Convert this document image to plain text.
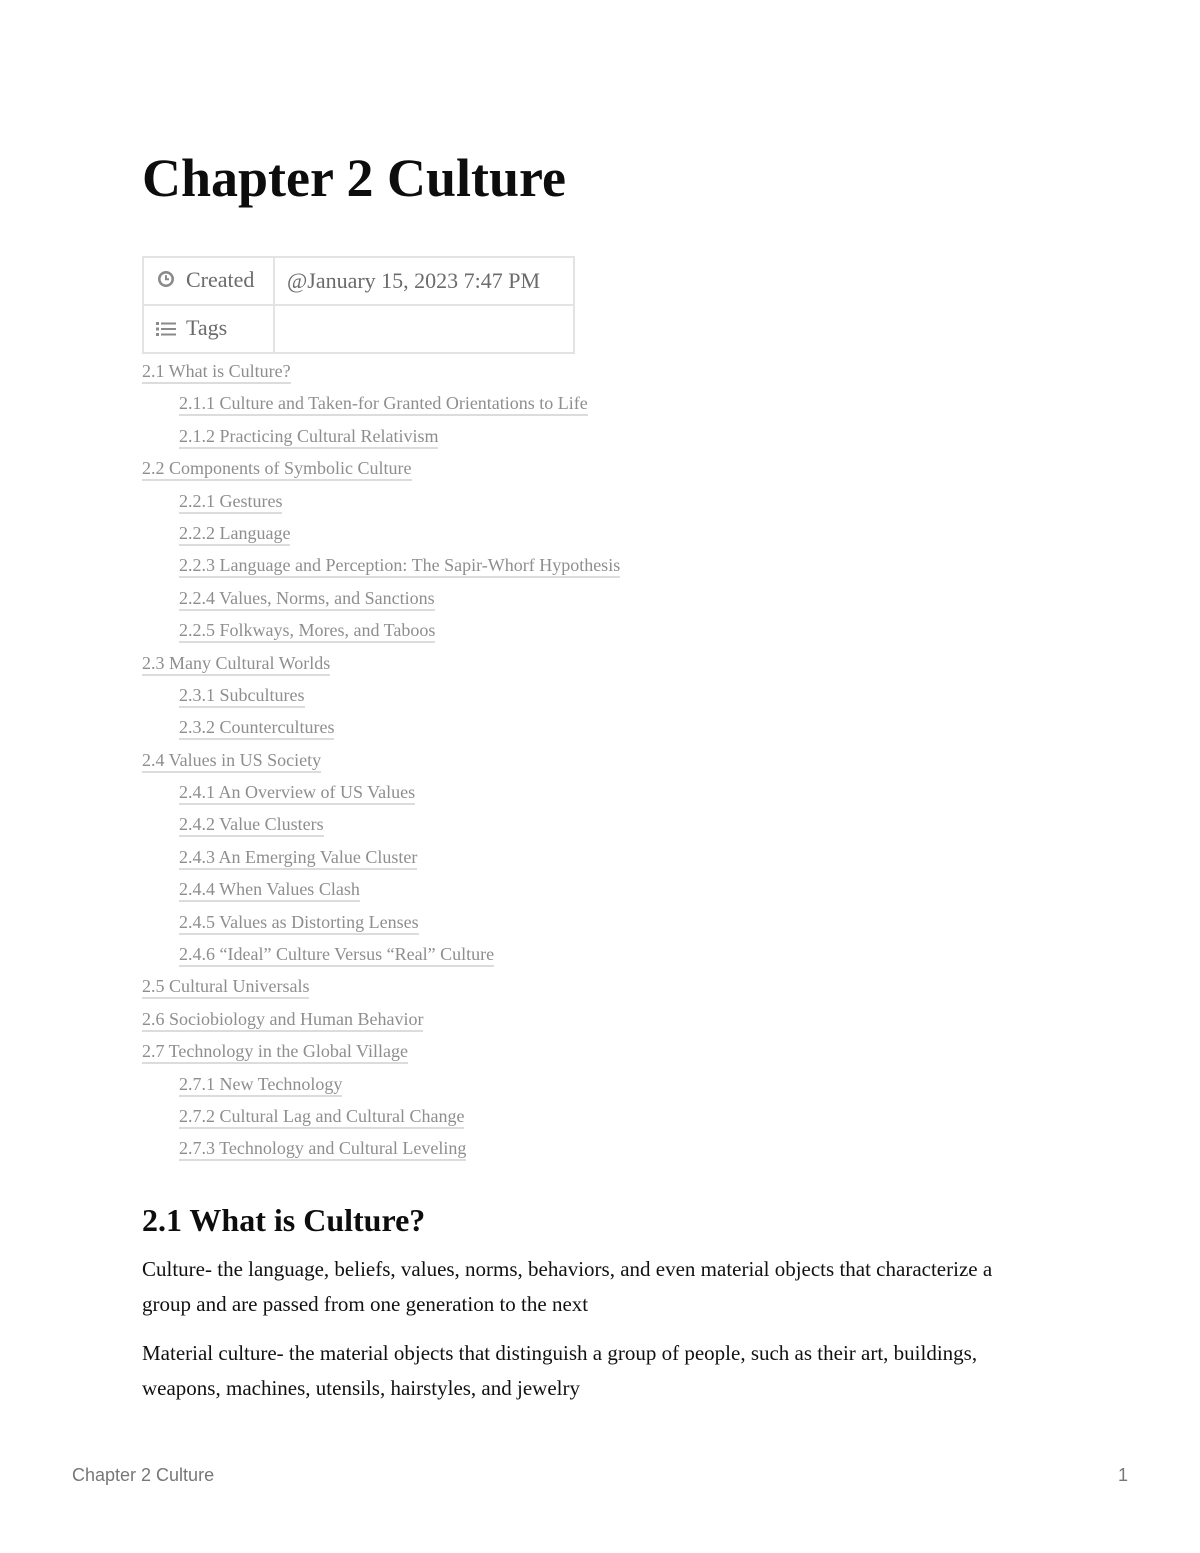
Chapter 2 Culture
Created	@January 15, 2023 7:47 PM
Tags	
2.1 What is Culture?
2.1.1 Culture and Taken-for Granted Orientations to Life
2.1.2 Practicing Cultural Relativism
2.2 Components of Symbolic Culture
2.2.1 Gestures
2.2.2 Language
2.2.3 Language and Perception: The Sapir-Whorf Hypothesis
2.2.4 Values, Norms, and Sanctions
2.2.5 Folkways, Mores, and Taboos
2.3 Many Cultural Worlds
2.3.1 Subcultures
2.3.2 Countercultures
2.4 Values in US Society
2.4.1 An Overview of US Values
2.4.2 Value Clusters
2.4.3 An Emerging Value Cluster
2.4.4 When Values Clash
2.4.5 Values as Distorting Lenses
2.4.6 “Ideal” Culture Versus “Real” Culture
2.5 Cultural Universals
2.6 Sociobiology and Human Behavior
2.7 Technology in the Global Village
2.7.1 New Technology
2.7.2 Cultural Lag and Cultural Change
2.7.3 Technology and Cultural Leveling
2.1 What is Culture?

Culture- the language, beliefs, values, norms, behaviors, and even material objects that characterize a group and are passed from one generation to the next

Material culture- the material objects that distinguish a group of people, such as their art, buildings, weapons, machines, utensils, hairstyles, and jewelry

Chapter 2 Culture	1
